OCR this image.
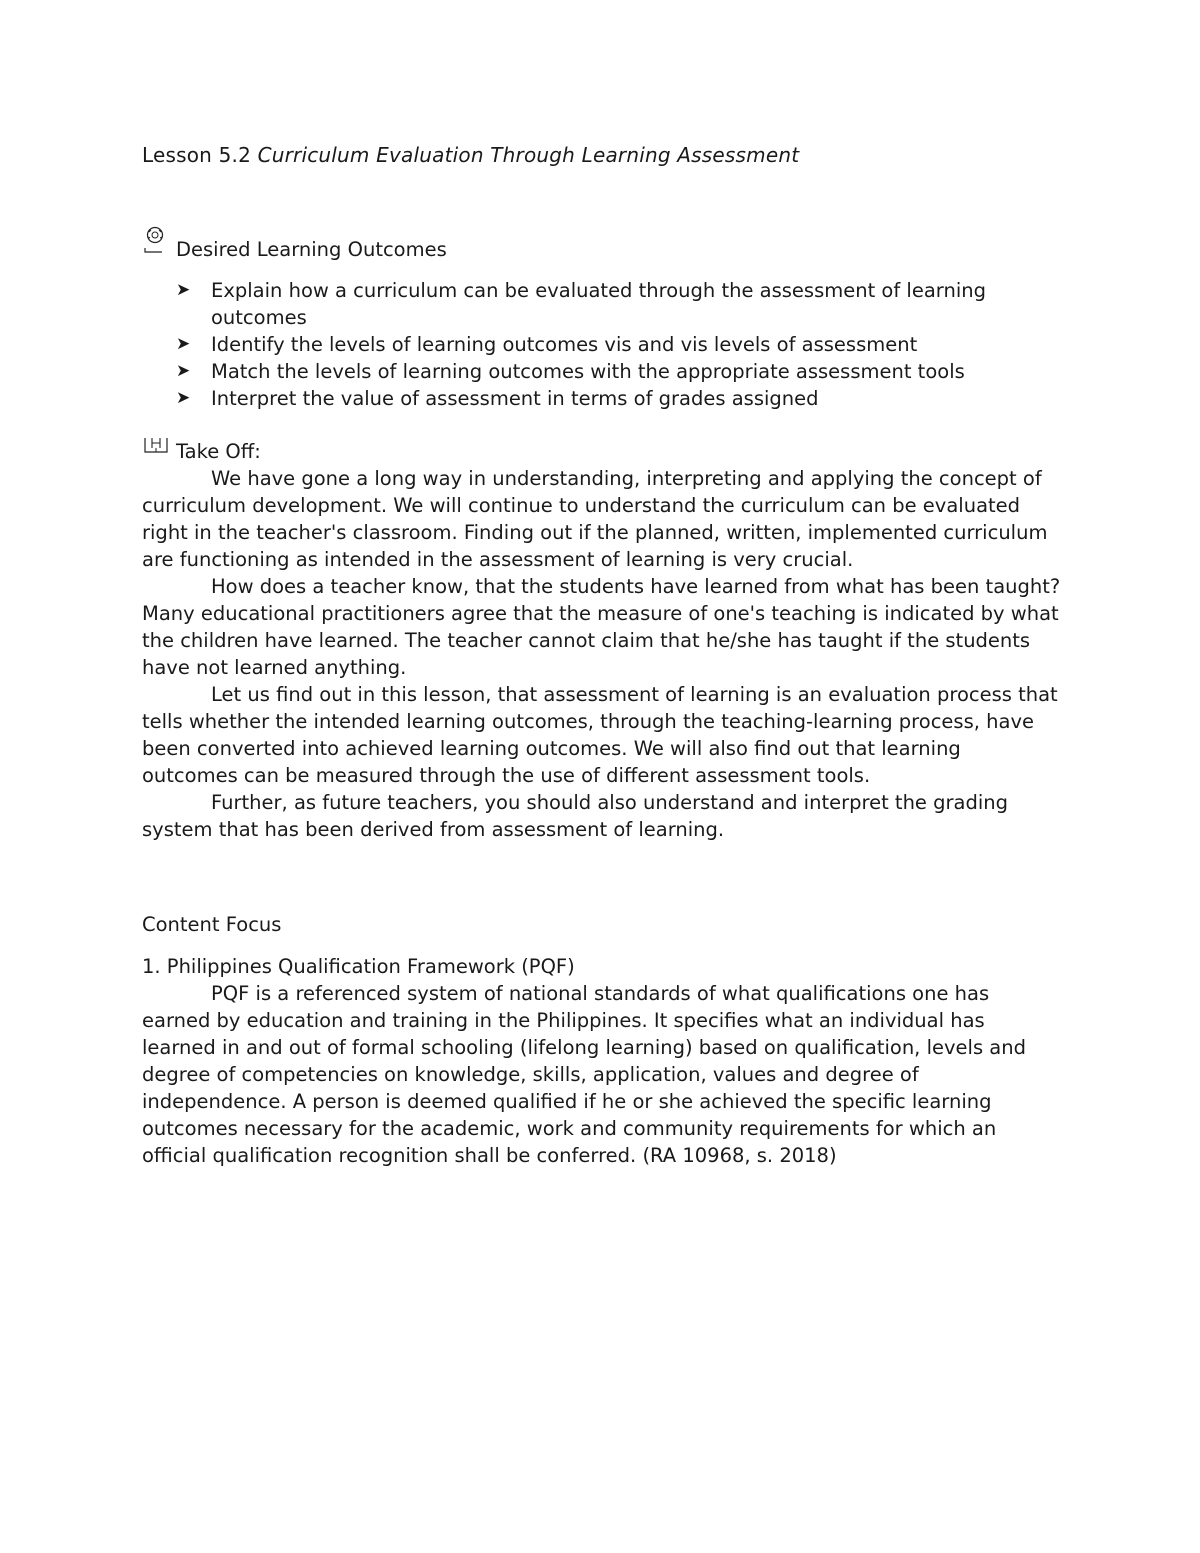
Lesson 5.2 Curriculum Evaluation Through Learning Assessment
Desired Learning Outcomes
➤ Explain how a curriculum can be evaluated through the assessment of learning outcomes
➤ Identify the levels of learning outcomes vis and vis levels of assessment
➤ Match the levels of learning outcomes with the appropriate assessment tools
➤ Interpret the value of assessment in terms of grades assigned
Take Off:

We have gone a long way in understanding, interpreting and applying the concept of curriculum development. We will continue to understand the curriculum can be evaluated right in the teacher's classroom. Finding out if the planned, written, implemented curriculum are functioning as intended in the assessment of learning is very crucial.

How does a teacher know, that the students have learned from what has been taught? Many educational practitioners agree that the measure of one's teaching is indicated by what the children have learned. The teacher cannot claim that he/she has taught if the students have not learned anything.

Let us find out in this lesson, that assessment of learning is an evaluation process that tells whether the intended learning outcomes, through the teaching-learning process, have been converted into achieved learning outcomes. We will also find out that learning outcomes can be measured through the use of different assessment tools.

Further, as future teachers, you should also understand and interpret the grading system that has been derived from assessment of learning.

Content Focus
1. Philippines Qualification Framework (PQF)

PQF is a referenced system of national standards of what qualifications one has earned by education and training in the Philippines. It specifies what an individual has learned in and out of formal schooling (lifelong learning) based on qualification, levels and degree of competencies on knowledge, skills, application, values and degree of independence. A person is deemed qualified if he or she achieved the specific learning outcomes necessary for the academic, work and community requirements for which an official qualification recognition shall be conferred. (RA 10968, s. 2018)
